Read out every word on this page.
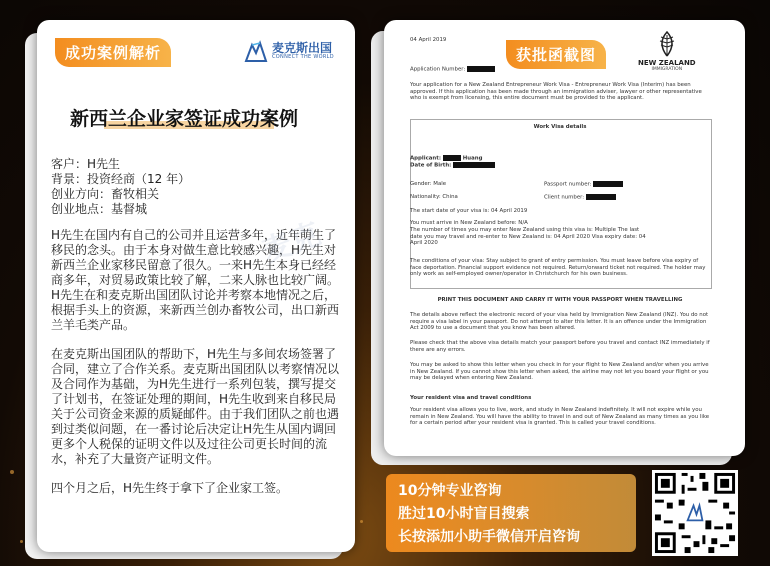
成功案例解析	麦克斯出国
CONNECT THE WORLD
新西兰企业家签证成功案例

客户：H先生

背景：投资经商（12 年）

创业方向：畜牧相关

创业地点：基督城

H先生在国内有自己的公司并且运营多年，近年萌生了移民的念头。由于本身对做生意比较感兴趣，H先生对新西兰企业家移民留意了很久。一来H先生本身已经经商多年，对贸易政策比较了解，二来人脉也比较广阔。H先生在和麦克斯出国团队讨论并考察本地情况之后，根据手头上的资源，来新西兰创办畜牧公司，出口新西兰羊毛类产品。
在麦克斯出国团队的帮助下，H先生与多间农场签署了合同，建立了合作关系。麦克斯出国团队以考察情况以及合同作为基础，为H先生进行一系列包装，撰写提交了计划书，在签证处理的期间，H先生收到来自移民局关于公司资金来源的质疑邮件。由于我们团队之前也遇到过类似问题，在一番讨论后决定让H先生从国内调回更多个人税保的证明文件以及过往公司更长时间的流水，补充了大量资产证明文件。
四个月之后，H先生终于拿下了企业家工签。
麦克
获批函截图	NEW ZEALAND
IMMIGRATION
04 April 2019
Application Number:
Your application for a New Zealand Entrepreneur Work Visa - Entrepreneur Work Visa (Interim) has been approved. If this application has been made through an immigration adviser, lawyer or other representative who is exempt from licensing, this entire document must be provided to the applicant.
Work Visa details
Applicant:	Huang
Date of Birth:
Gender: Male	Passport number:
Nationality: China	Client number:
The start date of your visa is: 04 April 2019
You must arrive in New Zealand before: N/A
The number of times you may enter New Zealand using this visa is: Multiple The last date you may travel and re-enter to New Zealand is: 04 April 2020 Visa expiry date: 04 April 2020
The conditions of your visa: Stay subject to grant of entry permission. You must leave before visa expiry of face deportation. Financial support evidence not required. Return/onward ticket not required. The holder may only work as self-employed owner/operator in Christchurch for his own business.
PRINT THIS DOCUMENT AND CARRY IT WITH YOUR PASSPORT WHEN TRAVELLING
The details above reflect the electronic record of your visa held by Immigration New Zealand (INZ). You do not require a visa label in your passport. Do not attempt to alter this letter. It is an offence under the Immigration Act 2009 to use a document that you know has been altered.
Please check that the above visa details match your passport before you travel and contact INZ immediately if there are any errors.
You may be asked to show this letter when you check in for your flight to New Zealand and/or when you arrive in New Zealand. If you cannot show this letter when asked, the airline may not let you board your flight or you may be delayed when entering New Zealand.
Your resident visa and travel conditions
Your resident visa allows you to live, work, and study in New Zealand indefinitely. It will not expire while you remain in New Zealand. You will have the ability to travel in and out of New Zealand as many times as you like for a certain period after your resident visa is granted. This is called your travel conditions.
10分钟专业咨询
胜过10小时盲目搜索
长按添加小助手微信开启咨询
